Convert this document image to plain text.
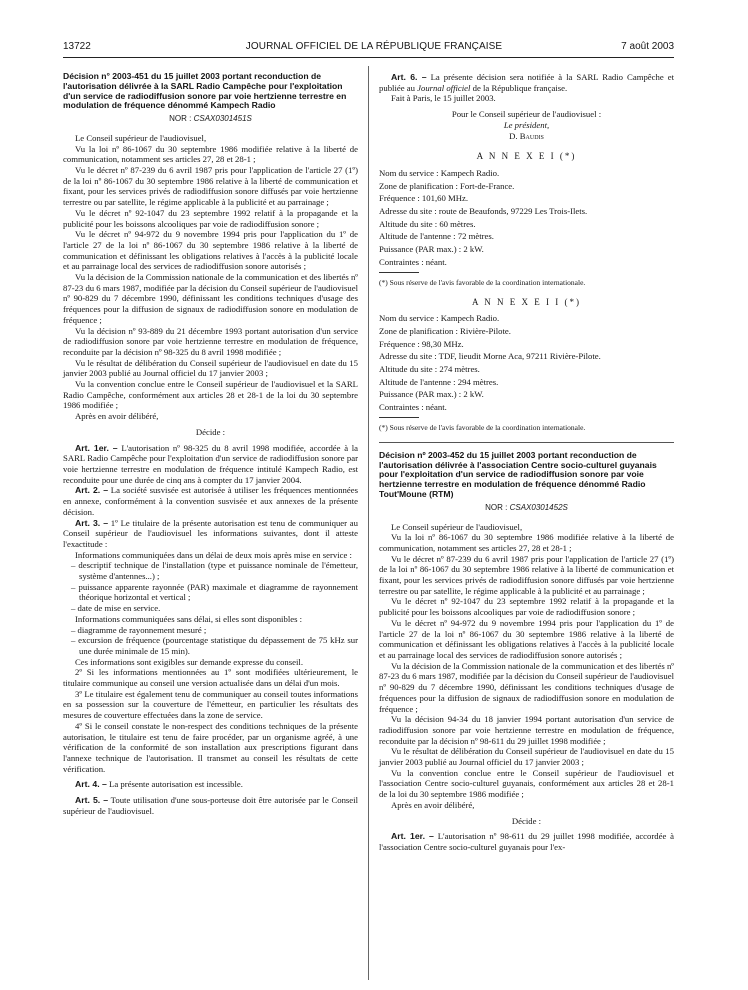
13722	JOURNAL OFFICIEL DE LA RÉPUBLIQUE FRANÇAISE	7 août 2003

Décision n° 2003-451 du 15 juillet 2003 portant reconduction de l'autorisation délivrée à la SARL Radio Campêche pour l'exploitation d'un service de radiodiffusion sonore par voie hertzienne terrestre en modulation de fréquence dénommé Kampech Radio

NOR : CSAX0301451S

Le Conseil supérieur de l'audiovisuel,

Vu la loi nº 86-1067 du 30 septembre 1986 modifiée relative à la liberté de communication, notamment ses articles 27, 28 et 28-1 ;

Vu le décret nº 87-239 du 6 avril 1987 pris pour l'application de l'article 27 (1º) de la loi nº 86-1067 du 30 septembre 1986 relative à la liberté de communication et fixant, pour les services privés de radiodiffusion sonore diffusés par voie hertzienne terrestre ou par satellite, le régime applicable à la publicité et au parrainage ;

Vu le décret nº 92-1047 du 23 septembre 1992 relatif à la propagande et la publicité pour les boissons alcooliques par voie de radiodiffusion sonore ;

Vu le décret nº 94-972 du 9 novembre 1994 pris pour l'application du 1º de l'article 27 de la loi nº 86-1067 du 30 septembre 1986 relative à la liberté de communication et définissant les obligations relatives à l'accès à la publicité locale et au parrainage local des services de radiodiffusion sonore autorisés ;

Vu la décision de la Commission nationale de la communication et des libertés nº 87-23 du 6 mars 1987, modifiée par la décision du Conseil supérieur de l'audiovisuel nº 90-829 du 7 décembre 1990, définissant les conditions techniques d'usage des fréquences pour la diffusion de signaux de radiodiffusion sonore en modulation de fréquence ;

Vu la décision nº 93-889 du 21 décembre 1993 portant autorisation d'un service de radiodiffusion sonore par voie hertzienne terrestre en modulation de fréquence, reconduite par la décision nº 98-325 du 8 avril 1998 modifiée ;

Vu le résultat de délibération du Conseil supérieur de l'audiovisuel en date du 15 janvier 2003 publié au Journal officiel du 17 janvier 2003 ;

Vu la convention conclue entre le Conseil supérieur de l'audiovisuel et la SARL Radio Campêche, conformément aux articles 28 et 28-1 de la loi du 30 septembre 1986 modifiée ;

Après en avoir délibéré,

Décide :

Art. 1er. – L'autorisation nº 98-325 du 8 avril 1998 modifiée, accordée à la SARL Radio Campêche pour l'exploitation d'un service de radiodiffusion sonore par voie hertzienne terrestre en modulation de fréquence intitulé Kampech Radio, est reconduite pour une durée de cinq ans à compter du 17 janvier 2004.

Art. 2. – La société susvisée est autorisée à utiliser les fréquences mentionnées en annexe, conformément à la convention susvisée et aux annexes de la présente décision.

Art. 3. – 1º Le titulaire de la présente autorisation est tenu de communiquer au Conseil supérieur de l'audiovisuel les informations suivantes, dont il atteste l'exactitude :

Informations communiquées dans un délai de deux mois après mise en service :

– descriptif technique de l'installation (type et puissance nominale de l'émetteur, système d'antennes...) ;

– puissance apparente rayonnée (PAR) maximale et diagramme de rayonnement théorique horizontal et vertical ;

– date de mise en service.

Informations communiquées sans délai, si elles sont disponibles :

– diagramme de rayonnement mesuré ;

– excursion de fréquence (pourcentage statistique du dépassement de 75 kHz sur une durée minimale de 15 min).

Ces informations sont exigibles sur demande expresse du conseil.

2º Si les informations mentionnées au 1º sont modifiées ultérieurement, le titulaire communique au conseil une version actualisée dans un délai d'un mois.

3º Le titulaire est également tenu de communiquer au conseil toutes informations en sa possession sur la couverture de l'émetteur, en particulier les résultats des mesures de couverture effectuées dans la zone de service.

4º Si le conseil constate le non-respect des conditions techniques de la présente autorisation, le titulaire est tenu de faire procéder, par un organisme agréé, à une vérification de la conformité de son installation aux prescriptions figurant dans l'annexe technique de l'autorisation. Il transmet au conseil les résultats de cette vérification.

Art. 4. – La présente autorisation est incessible.

Art. 5. – Toute utilisation d'une sous-porteuse doit être autorisée par le Conseil supérieur de l'audiovisuel.

Art. 6. – La présente décision sera notifiée à la SARL Radio Campêche et publiée au Journal officiel de la République française.

Fait à Paris, le 15 juillet 2003.

Pour le Conseil supérieur de l'audiovisuel :

Le président,

D. Baudis

A N N E X E I (*)

Nom du service : Kampech Radio.

Zone de planification : Fort-de-France.

Fréquence : 101,60 MHz.

Adresse du site : route de Beaufonds, 97229 Les Trois-Ilets.

Altitude du site : 60 mètres.

Altitude de l'antenne : 72 mètres.

Puissance (PAR max.) : 2 kW.

Contraintes : néant.

(*) Sous réserve de l'avis favorable de la coordination internationale.

A N N E X E I I (*)

Nom du service : Kampech Radio.

Zone de planification : Rivière-Pilote.

Fréquence : 98,30 MHz.

Adresse du site : TDF, lieudit Morne Aca, 97211 Rivière-Pilote.

Altitude du site : 274 mètres.

Altitude de l'antenne : 294 mètres.

Puissance (PAR max.) : 2 kW.

Contraintes : néant.

(*) Sous réserve de l'avis favorable de la coordination internationale.

Décision nº 2003-452 du 15 juillet 2003 portant reconduction de l'autorisation délivrée à l'association Centre socio-culturel guyanais pour l'exploitation d'un service de radiodiffusion sonore par voie hertzienne terrestre en modulation de fréquence dénommé Radio Tout'Moune (RTM)

NOR : CSAX0301452S

Le Conseil supérieur de l'audiovisuel,

Vu la loi nº 86-1067 du 30 septembre 1986 modifiée relative à la liberté de communication, notamment ses articles 27, 28 et 28-1 ;

Vu le décret nº 87-239 du 6 avril 1987 pris pour l'application de l'article 27 (1º) de la loi nº 86-1067 du 30 septembre 1986 relative à la liberté de communication et fixant, pour les services privés de radiodiffusion sonore diffusés par voie hertzienne terrestre ou par satellite, le régime applicable à la publicité et au parrainage ;

Vu le décret nº 92-1047 du 23 septembre 1992 relatif à la propagande et la publicité pour les boissons alcooliques par voie de radiodiffusion sonore ;

Vu le décret nº 94-972 du 9 novembre 1994 pris pour l'application du 1º de l'article 27 de la loi nº 86-1067 du 30 septembre 1986 relative à la liberté de communication et définissant les obligations relatives à l'accès à la publicité locale et au parrainage local des services de radiodiffusion sonore autorisés ;

Vu la décision de la Commission nationale de la communication et des libertés nº 87-23 du 6 mars 1987, modifiée par la décision du Conseil supérieur de l'audiovisuel nº 90-829 du 7 décembre 1990, définissant les conditions techniques d'usage de fréquences pour la diffusion de signaux de radiodiffusion sonore en modulation de fréquence ;

Vu la décision 94-34 du 18 janvier 1994 portant autorisation d'un service de radiodiffusion sonore par voie hertzienne terrestre en modulation de fréquence, reconduite par la décision nº 98-611 du 29 juillet 1998 modifiée ;

Vu le résultat de délibération du Conseil supérieur de l'audiovisuel en date du 15 janvier 2003 publié au Journal officiel du 17 janvier 2003 ;

Vu la convention conclue entre le Conseil supérieur de l'audiovisuel et l'association Centre socio-culturel guyanais, conformément aux articles 28 et 28-1 de la loi du 30 septembre 1986 modifiée ;

Après en avoir délibéré,

Décide :

Art. 1er. – L'autorisation nº 98-611 du 29 juillet 1998 modifiée, accordée à l'association Centre socio-culturel guyanais pour l'ex-
